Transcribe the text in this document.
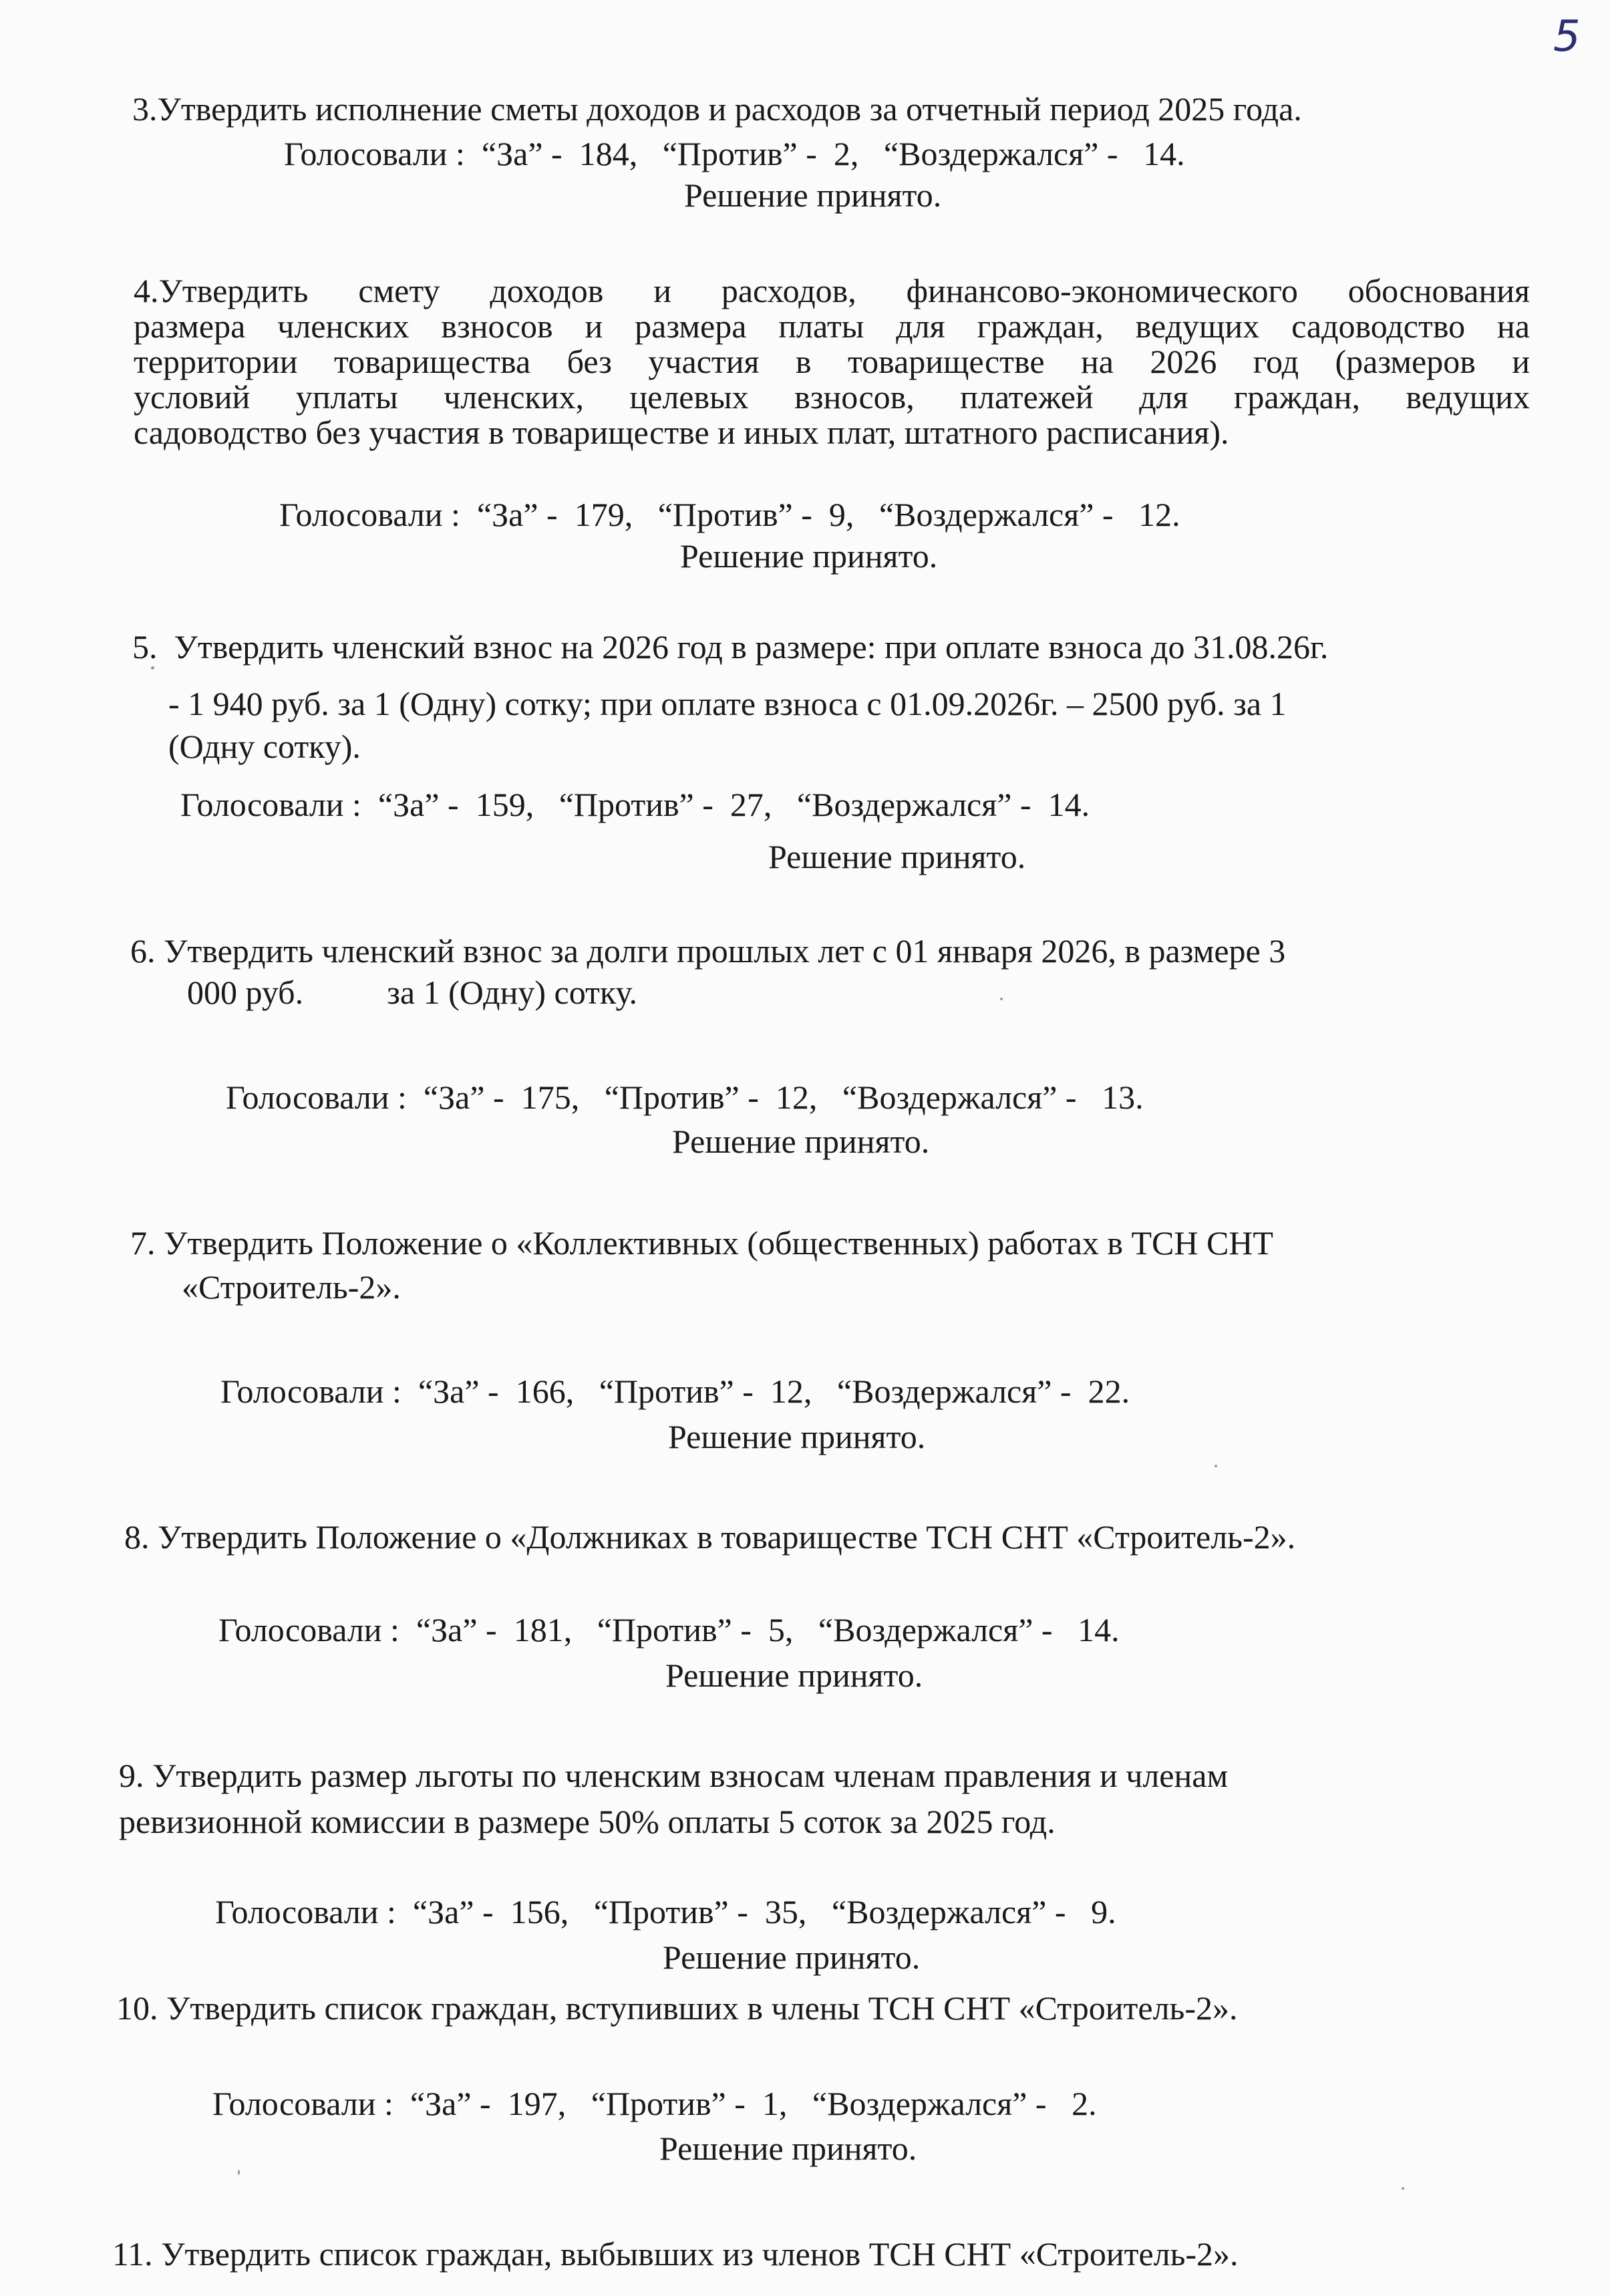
5
3.Утвердить исполнение сметы доходов и расходов за отчетный период 2025 года.
Голосовали :  “За” -  184,   “Против” -  2,   “Воздержался” -   14.
Решение принято.
4.Утвердить смету доходов и расходов, финансово-экономического обоснования
размера членских взносов и размера платы для граждан, ведущих садоводство на
территории товарищества без участия в товариществе на 2026 год (размеров и
условий уплаты членских, целевых взносов, платежей для граждан, ведущих
садоводство без участия в товариществе и иных плат, штатного расписания).
Голосовали :  “За” -  179,   “Против” -  9,   “Воздержался” -   12.
Решение принято.
5.  Утвердить членский взнос на 2026 год в размере: при оплате взноса до 31.08.26г.
- 1 940 руб. за 1 (Одну) сотку; при оплате взноса с 01.09.2026г. – 2500 руб. за 1
(Одну сотку).
Голосовали :  “За” -  159,   “Против” -  27,   “Воздержался” -  14.
Решение принято.
6. Утвердить членский взнос за долги прошлых лет с 01 января 2026, в размере 3
000 руб.          за 1 (Одну) сотку.
Голосовали :  “За” -  175,   “Против” -  12,   “Воздержался” -   13.
Решение принято.
7. Утвердить Положение о «Коллективных (общественных) работах в ТСН СНТ
«Строитель-2».
Голосовали :  “За” -  166,   “Против” -  12,   “Воздержался” -  22.
Решение принято.
8. Утвердить Положение о «Должниках в товариществе ТСН СНТ «Строитель-2».
Голосовали :  “За” -  181,   “Против” -  5,   “Воздержался” -   14.
Решение принято.
9. Утвердить размер льготы по членским взносам членам правления и членам
ревизионной комиссии в размере 50% оплаты 5 соток за 2025 год.
Голосовали :  “За” -  156,   “Против” -  35,   “Воздержался” -   9.
Решение принято.
10. Утвердить список граждан, вступивших в члены ТСН СНТ «Строитель-2».
Голосовали :  “За” -  197,   “Против” -  1,   “Воздержался” -   2.
Решение принято.
11. Утвердить список граждан, выбывших из членов ТСН СНТ «Строитель-2».
